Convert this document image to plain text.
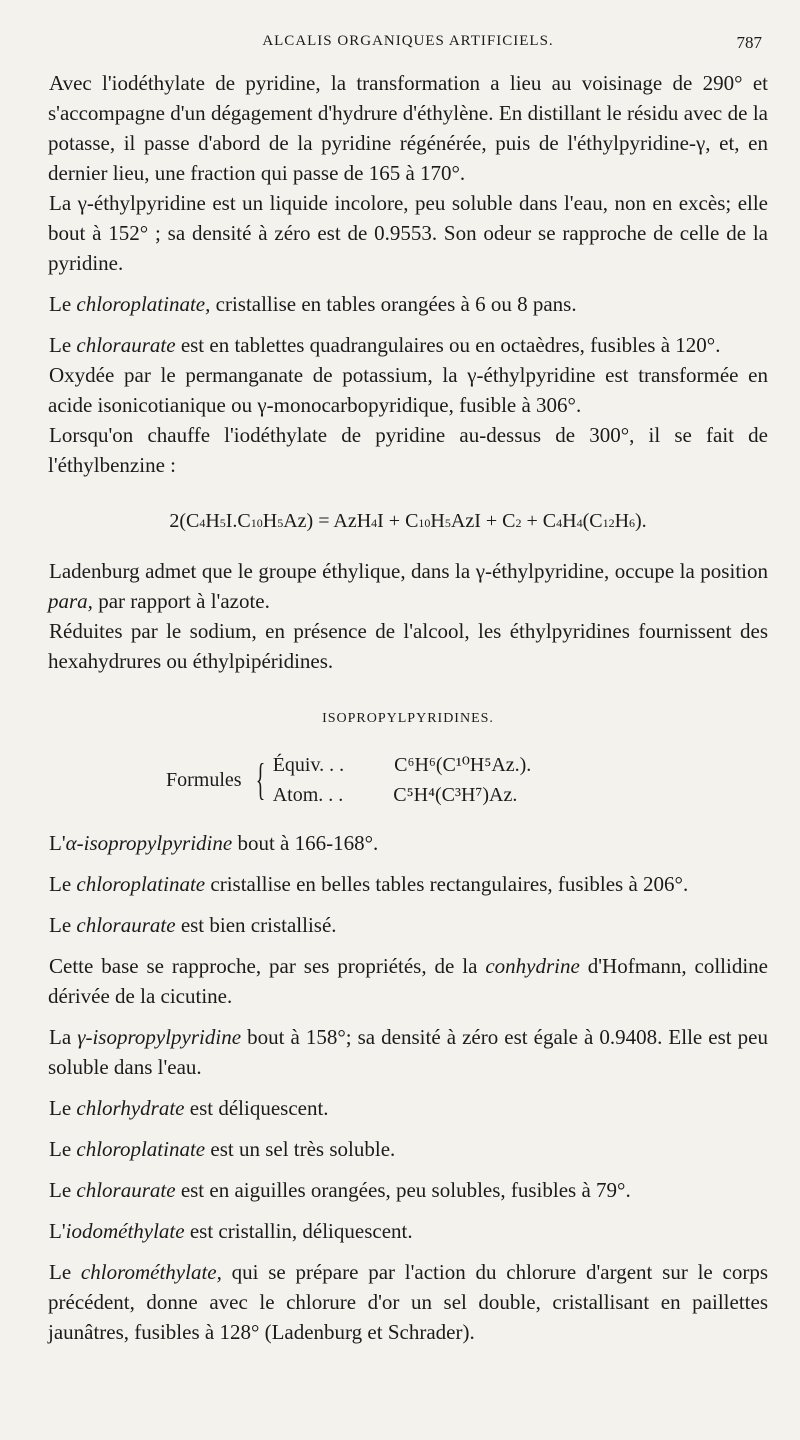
ALCALIS ORGANIQUES ARTIFICIELS.	787

Avec l'iodéthylate de pyridine, la transformation a lieu au voisinage de 290° et s'accompagne d'un dégagement d'hydrure d'éthylène. En distillant le résidu avec de la potasse, il passe d'abord de la pyridine régénérée, puis de l'éthylpyridine-γ, et, en dernier lieu, une fraction qui passe de 165 à 170°.

La γ-éthylpyridine est un liquide incolore, peu soluble dans l'eau, non en excès; elle bout à 152° ; sa densité à zéro est de 0.9553. Son odeur se rapproche de celle de la pyridine.

Le chloroplatinate, cristallise en tables orangées à 6 ou 8 pans.

Le chloraurate est en tablettes quadrangulaires ou en octaèdres, fusibles à 120°.

Oxydée par le permanganate de potassium, la γ-éthylpyridine est transformée en acide isonicotianique ou γ-monocarbopyridique, fusible à 306°.

Lorsqu'on chauffe l'iodéthylate de pyridine au-dessus de 300°, il se fait de l'éthylbenzine :

$2(C^4H^5I.C^{10}H^5Az) = AzH^4I + C^{10}H^5AzI + C^2 + C^4H^4(C^{12}H^6)$.

Ladenburg admet que le groupe éthylique, dans la γ-éthylpyridine, occupe la position para, par rapport à l'azote.

Réduites par le sodium, en présence de l'alcool, les éthylpyridines fournissent des hexahydrures ou éthylpipéridines.

ISOPROPYLPYRIDINES.

Formules { Équiv. . .	C⁶H⁶(C¹⁰H⁵Az.).
Atom. . .	C⁵H⁴(C³H⁷)Az.

L'α-isopropylpyridine bout à 166-168°.

Le chloroplatinate cristallise en belles tables rectangulaires, fusibles à 206°.

Le chloraurate est bien cristallisé.

Cette base se rapproche, par ses propriétés, de la conhydrine d'Hofmann, collidine dérivée de la cicutine.

La γ-isopropylpyridine bout à 158°; sa densité à zéro est égale à 0.9408. Elle est peu soluble dans l'eau.

Le chlorhydrate est déliquescent.

Le chloroplatinate est un sel très soluble.

Le chloraurate est en aiguilles orangées, peu solubles, fusibles à 79°.

L'iodométhylate est cristallin, déliquescent.

Le chlorométhylate, qui se prépare par l'action du chlorure d'argent sur le corps précédent, donne avec le chlorure d'or un sel double, cristallisant en paillettes jaunâtres, fusibles à 128° (Ladenburg et Schrader).
